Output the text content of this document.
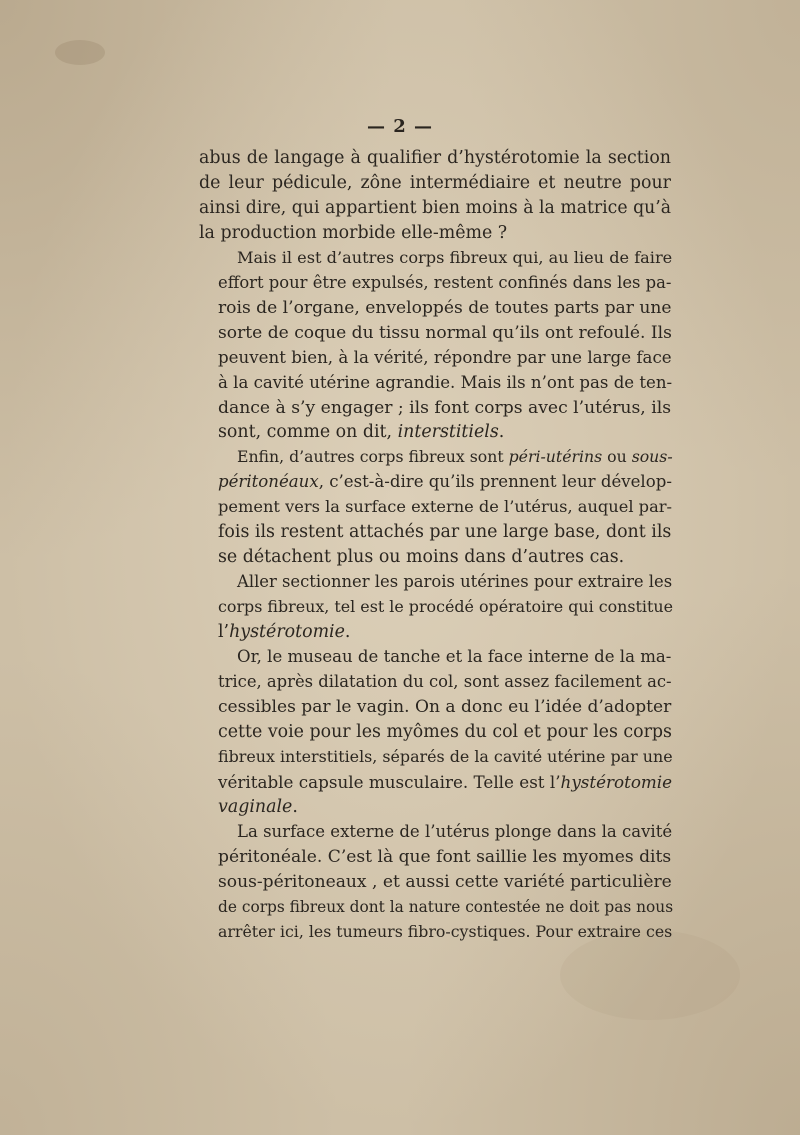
— 2 —

abus de langage à qualifier d’hystérotomie la section
de leur pédicule, zône intermédiaire et neutre pour
ainsi dire, qui appartient bien moins à la matrice qu’à
la production morbide elle-même ?

Mais il est d’autres corps fibreux qui, au lieu de faire
effort pour être expulsés, restent confinés dans les pa-
rois de l’organe, enveloppés de toutes parts par une
sorte de coque du tissu normal qu’ils ont refoulé. Ils
peuvent bien, à la vérité, répondre par une large face
à la cavité utérine agrandie. Mais ils n’ont pas de ten-
dance à s’y engager ; ils font corps avec l’utérus, ils
sont, comme on dit, interstitiels.

Enfin, d’autres corps fibreux sont péri-utérins ou sous-
péritonéaux, c’est-à-dire qu’ils prennent leur dévelop-
pement vers la surface externe de l’utérus, auquel par-
fois ils restent attachés par une large base, dont ils
se détachent plus ou moins dans d’autres cas.

Aller sectionner les parois utérines pour extraire les
corps fibreux, tel est le procédé opératoire qui constitue
l’hystérotomie.

Or, le museau de tanche et la face interne de la ma-
trice, après dilatation du col, sont assez facilement ac-
cessibles par le vagin. On a donc eu l’idée d’adopter
cette voie pour les myômes du col et pour les corps
fibreux interstitiels, séparés de la cavité utérine par une
véritable capsule musculaire. Telle est l’hystérotomie
vaginale.

La surface externe de l’utérus plonge dans la cavité
péritonéale. C’est là que font saillie les myomes dits
sous-péritoneaux , et aussi cette variété particulière
de corps fibreux dont la nature contestée ne doit pas nous
arrêter ici, les tumeurs fibro-cystiques. Pour extraire ces
